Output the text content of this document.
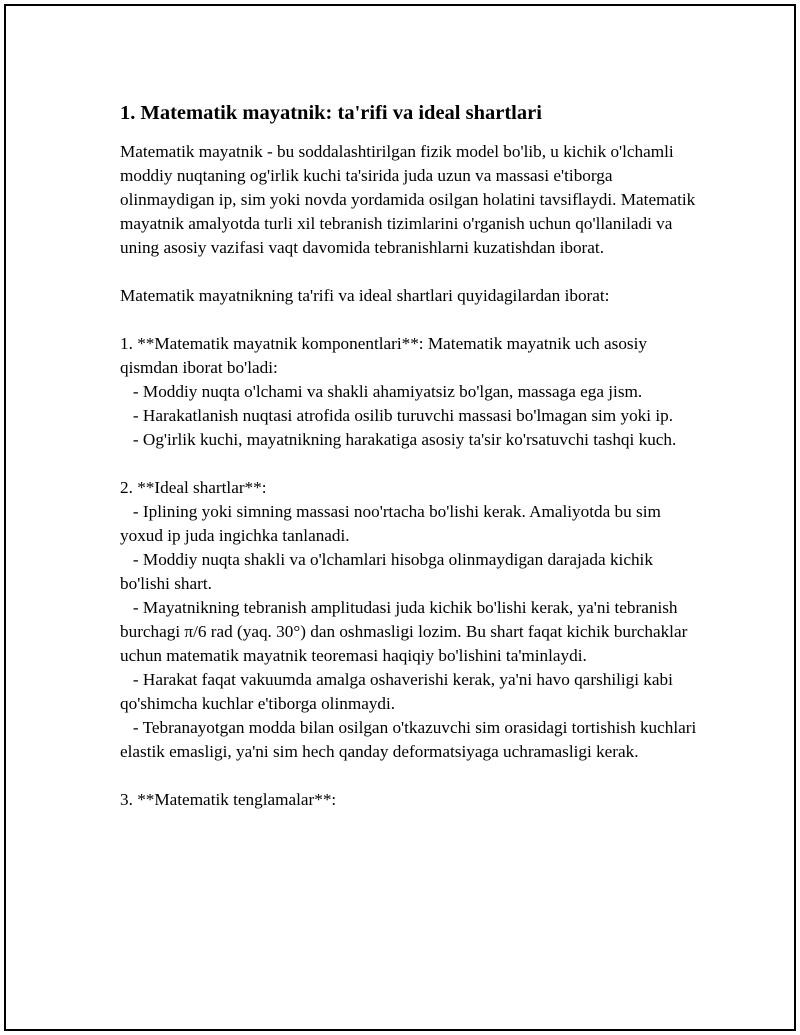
1. Matematik mayatnik: ta'rifi va ideal shartlari

Matematik mayatnik - bu soddalashtirilgan fizik model bo'lib, u kichik o'lchamli moddiy nuqtaning og'irlik kuchi ta'sirida juda uzun va massasi e'tiborga olinmaydigan ip, sim yoki novda yordamida osilgan holatini tavsiflaydi. Matematik mayatnik amalyotda turli xil tebranish tizimlarini o'rganish uchun qo'llaniladi va uning asosiy vazifasi vaqt davomida tebranishlarni kuzatishdan iborat.

Matematik mayatnikning ta'rifi va ideal shartlari quyidagilardan iborat:

1. **Matematik mayatnik komponentlari**: Matematik mayatnik uch asosiy qismdan iborat bo'ladi:

- Moddiy nuqta o'lchami va shakli ahamiyatsiz bo'lgan, massaga ega jism.

- Harakatlanish nuqtasi atrofida osilib turuvchi massasi bo'lmagan sim yoki ip.

- Og'irlik kuchi, mayatnikning harakatiga asosiy ta'sir ko'rsatuvchi tashqi kuch.

2. **Ideal shartlar**:

- Iplining yoki simning massasi noo'rtacha bo'lishi kerak. Amaliyotda bu sim yoxud ip juda ingichka tanlanadi.

- Moddiy nuqta shakli va o'lchamlari hisobga olinmaydigan darajada kichik bo'lishi shart.

- Mayatnikning tebranish amplitudasi juda kichik bo'lishi kerak, ya'ni tebranish burchagi π/6 rad (yaq. 30°) dan oshmasligi lozim. Bu shart faqat kichik burchaklar uchun matematik mayatnik teoremasi haqiqiy bo'lishini ta'minlaydi.

- Harakat faqat vakuumda amalga oshaverishi kerak, ya'ni havo qarshiligi kabi qo'shimcha kuchlar e'tiborga olinmaydi.

- Tebranayotgan modda bilan osilgan o'tkazuvchi sim orasidagi tortishish kuchlari elastik emasligi, ya'ni sim hech qanday deformatsiyaga uchramasligi kerak.

3. **Matematik tenglamalar**:
